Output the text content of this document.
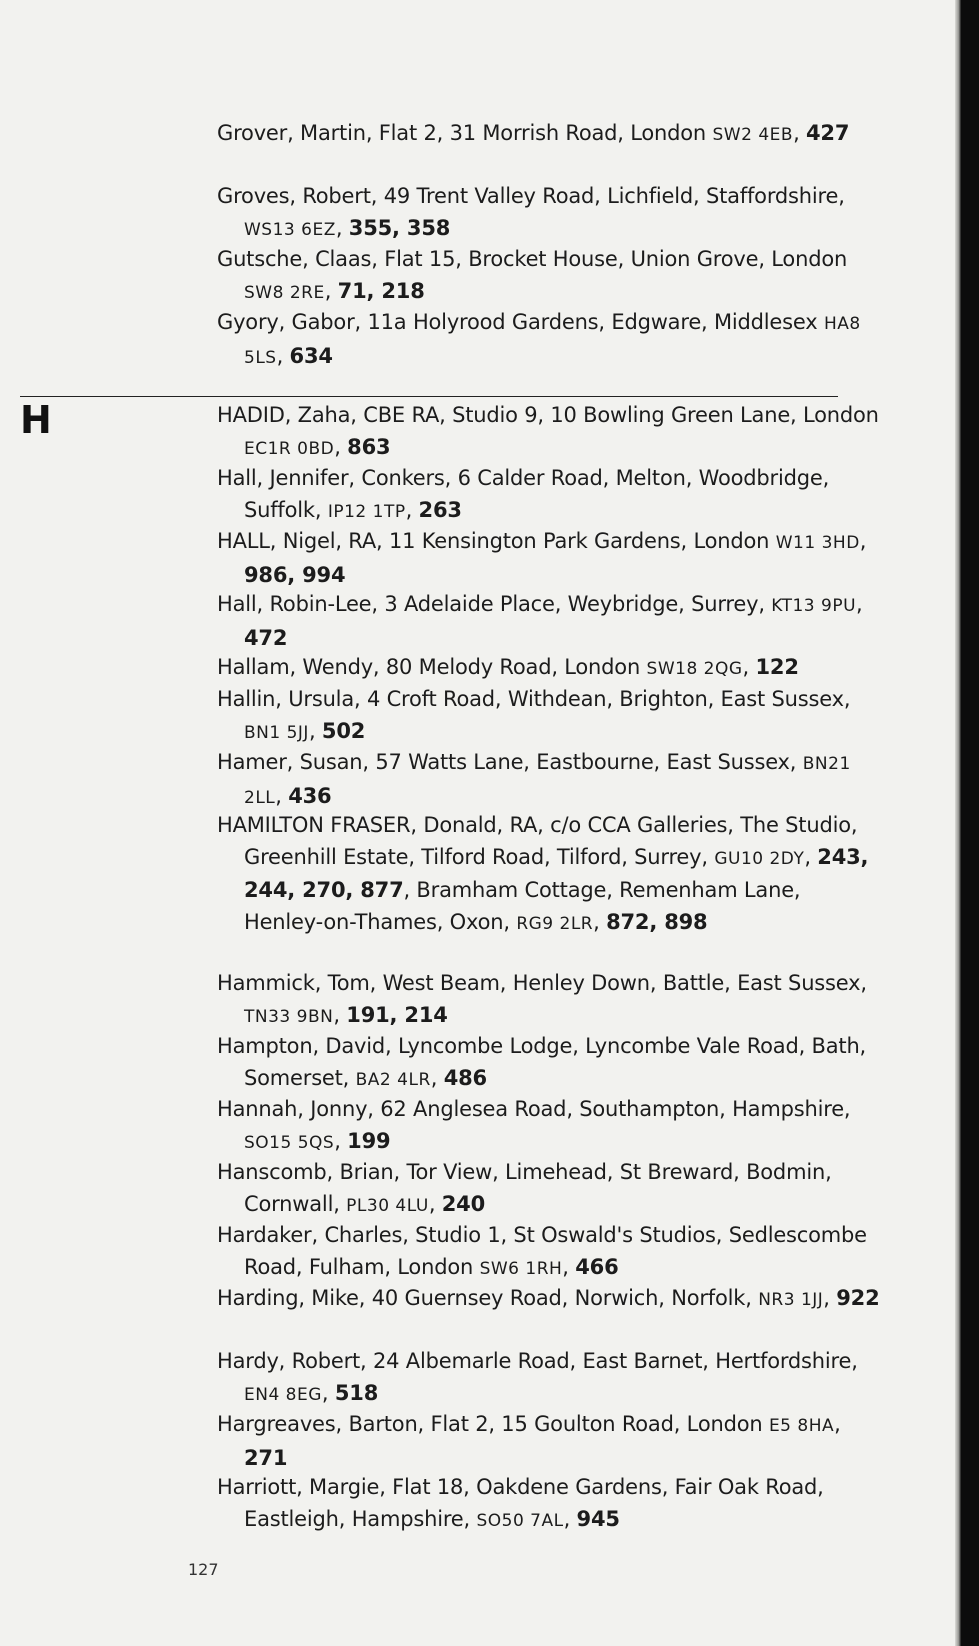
Grover, Martin, Flat 2, 31 Morrish Road, London SW2 4EB, 427
Groves, Robert, 49 Trent Valley Road, Lichfield, Staffordshire, WS13 6EZ, 355, 358
Gutsche, Claas, Flat 15, Brocket House, Union Grove, London SW8 2RE, 71, 218
Gyory, Gabor, 11a Holyrood Gardens, Edgware, Middlesex HA8 5LS, 634
H	HADID, Zaha, CBE RA, Studio 9, 10 Bowling Green Lane, London EC1R 0BD, 863
Hall, Jennifer, Conkers, 6 Calder Road, Melton, Woodbridge, Suffolk, IP12 1TP, 263
HALL, Nigel, RA, 11 Kensington Park Gardens, London W11 3HD, 986, 994
Hall, Robin-Lee, 3 Adelaide Place, Weybridge, Surrey, KT13 9PU, 472
Hallam, Wendy, 80 Melody Road, London SW18 2QG, 122
Hallin, Ursula, 4 Croft Road, Withdean, Brighton, East Sussex, BN1 5JJ, 502
Hamer, Susan, 57 Watts Lane, Eastbourne, East Sussex, BN21 2LL, 436
HAMILTON FRASER, Donald, RA, c/o CCA Galleries, The Studio, Greenhill Estate, Tilford Road, Tilford, Surrey, GU10 2DY, 243, 244, 270, 877, Bramham Cottage, Remenham Lane, Henley-on-Thames, Oxon, RG9 2LR, 872, 898
Hammick, Tom, West Beam, Henley Down, Battle, East Sussex, TN33 9BN, 191, 214
Hampton, David, Lyncombe Lodge, Lyncombe Vale Road, Bath, Somerset, BA2 4LR, 486
Hannah, Jonny, 62 Anglesea Road, Southampton, Hampshire, SO15 5QS, 199
Hanscomb, Brian, Tor View, Limehead, St Breward, Bodmin, Cornwall, PL30 4LU, 240
Hardaker, Charles, Studio 1, St Oswald's Studios, Sedlescombe Road, Fulham, London SW6 1RH, 466
Harding, Mike, 40 Guernsey Road, Norwich, Norfolk, NR3 1JJ, 922
Hardy, Robert, 24 Albemarle Road, East Barnet, Hertfordshire, EN4 8EG, 518
Hargreaves, Barton, Flat 2, 15 Goulton Road, London E5 8HA, 271
Harriott, Margie, Flat 18, Oakdene Gardens, Fair Oak Road, Eastleigh, Hampshire, SO50 7AL, 945
127
